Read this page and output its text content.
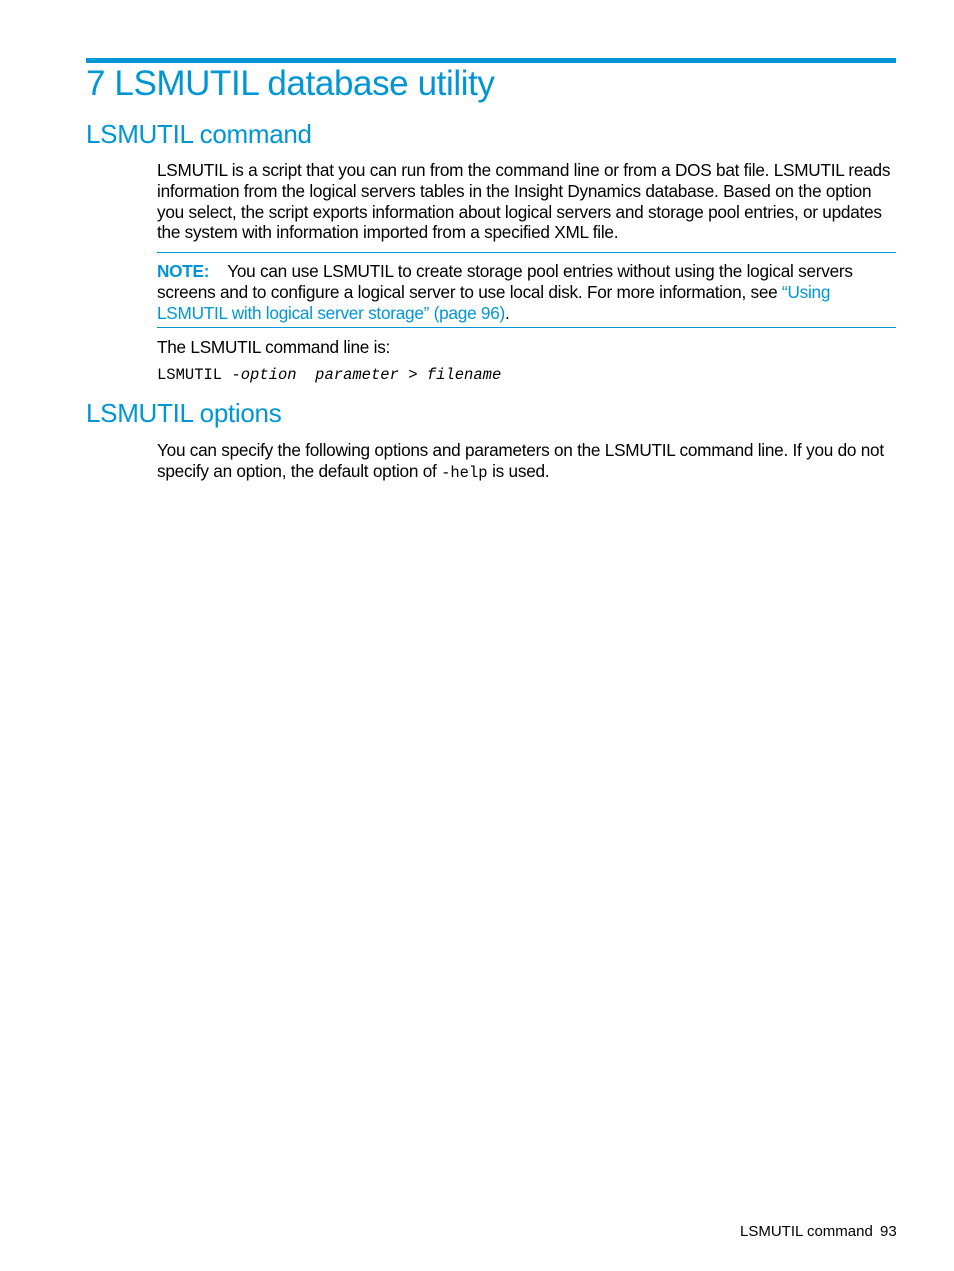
7 LSMUTIL database utility
LSMUTIL command

LSMUTIL is a script that you can run from the command line or from a DOS bat file. LSMUTIL reads information from the logical servers tables in the Insight Dynamics database. Based on the option you select, the script exports information about logical servers and storage pool entries, or updates the system with information imported from a specified XML file.

NOTE: You can use LSMUTIL to create storage pool entries without using the logical servers screens and to configure a logical server to use local disk. For more information, see “Using LSMUTIL with logical server storage” (page 96).

The LSMUTIL command line is:

LSMUTIL -option parameter > filename

LSMUTIL options

You can specify the following options and parameters on the LSMUTIL command line. If you do not specify an option, the default option of -help is used.

LSMUTIL command 93
